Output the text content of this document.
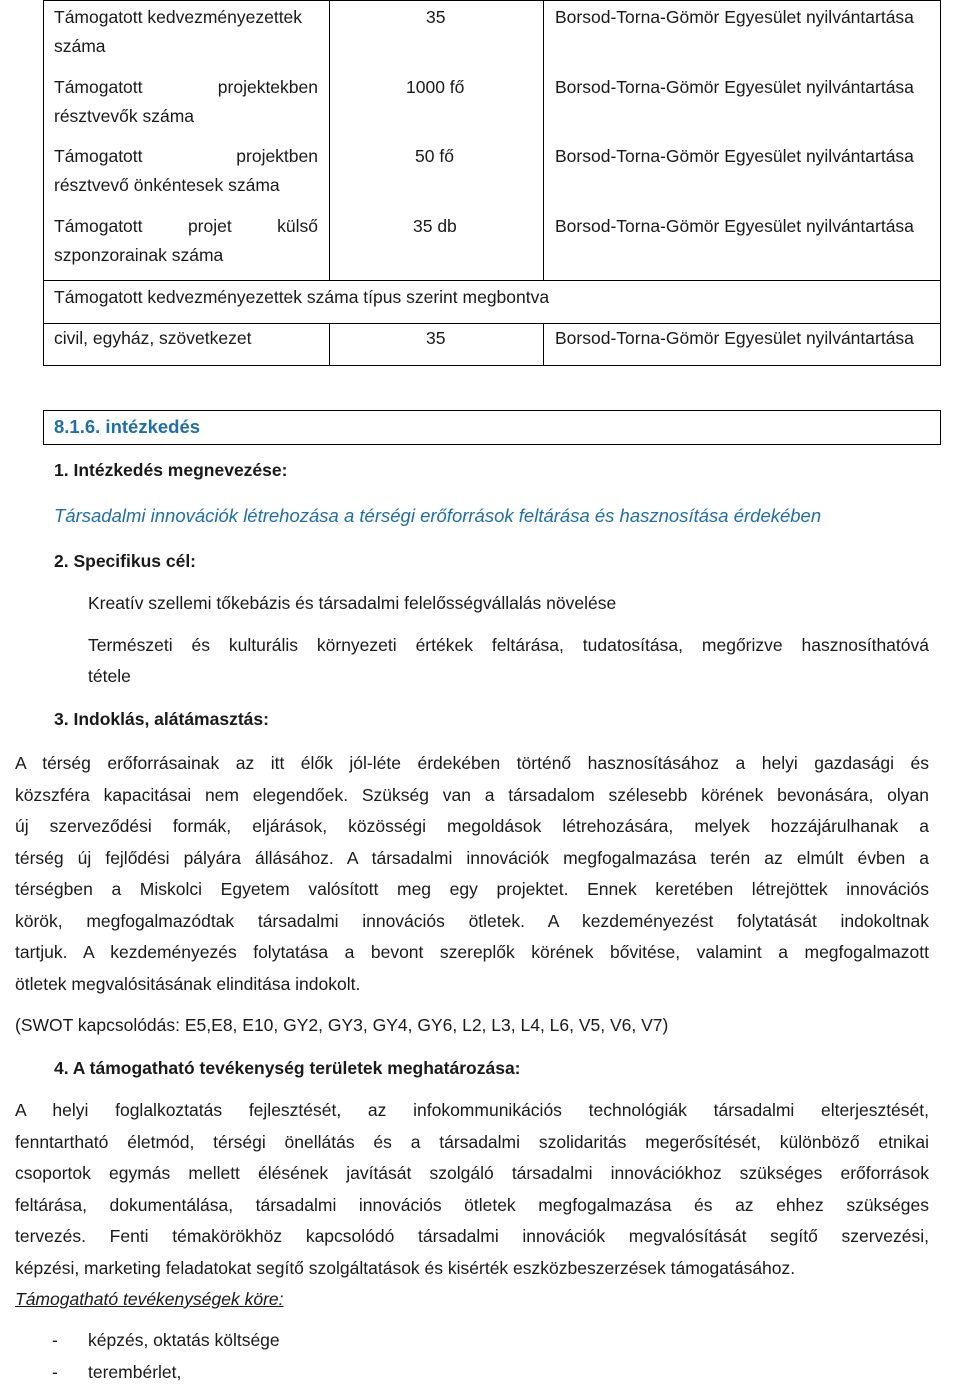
Támogatott kedvezményezettek
száma
35	Borsod-Torna-Gömör Egyesület nyilvántartása
Támogatott projektekben
résztvevők száma
1000 fő	Borsod-Torna-Gömör Egyesület nyilvántartása
Támogatott projektben
résztvevő önkéntesek száma
50 fő	Borsod-Torna-Gömör Egyesület nyilvántartása
Támogatott projet külső
szponzorainak száma
35 db	Borsod-Torna-Gömör Egyesület nyilvántartása
Támogatott kedvezményezettek száma típus szerint megbontva
civil, egyház, szövetkezet	35	Borsod-Torna-Gömör Egyesület nyilvántartása
8.1.6. intézkedés
1. Intézkedés megnevezése:
Társadalmi innovációk létrehozása a térségi erőforrások feltárása és hasznosítása érdekében
2. Specifikus cél:
Kreatív szellemi tőkebázis és társadalmi felelősségvállalás növelése
Természeti és kulturális környezeti értékek feltárása, tudatosítása, megőrizve hasznosíthatóvá
tétele
3. Indoklás, alátámasztás:
A térség erőforrásainak az itt élők jól-léte érdekében történő hasznosításához a helyi gazdasági és
közszféra kapacitásai nem elegendőek. Szükség van a társadalom szélesebb körének bevonására, olyan
új szerveződési formák, eljárások, közösségi megoldások létrehozására, melyek hozzájárulhanak a
térség új fejlődési pályára állásához. A társadalmi innovációk megfogalmazása terén az elmúlt évben a
térségben a Miskolci Egyetem valósított meg egy projektet. Ennek keretében létrejöttek innovációs
körök, megfogalmazódtak társadalmi innovációs ötletek. A kezdeményezést folytatását indokoltnak
tartjuk. A kezdeményezés folytatása a bevont szereplők körének bővitése, valamint a megfogalmazott
ötletek megvalósitásának elinditása indokolt.
(SWOT kapcsolódás: E5,E8, E10, GY2, GY3, GY4, GY6, L2, L3, L4, L6, V5, V6, V7)
4. A támogatható tevékenység területek meghatározása:
A helyi foglalkoztatás fejlesztését, az infokommunikációs technológiák társadalmi elterjesztését,
fenntartható életmód, térségi önellátás és a társadalmi szolidaritás megerősítését, különböző etnikai
csoportok egymás mellett élésének javítását szolgáló társadalmi innovációkhoz szükséges erőforrások
feltárása, dokumentálása, társadalmi innovációs ötletek megfogalmazása és az ehhez szükséges
tervezés. Fenti témakörökhöz kapcsolódó társadalmi innovációk megvalósítását segítő szervezési,
képzési, marketing feladatokat segítő szolgáltatások és kisérték eszközbeszerzések támogatásához.
Támogatható tevékenységek köre:
- képzés, oktatás költsége
- terembérlet,
